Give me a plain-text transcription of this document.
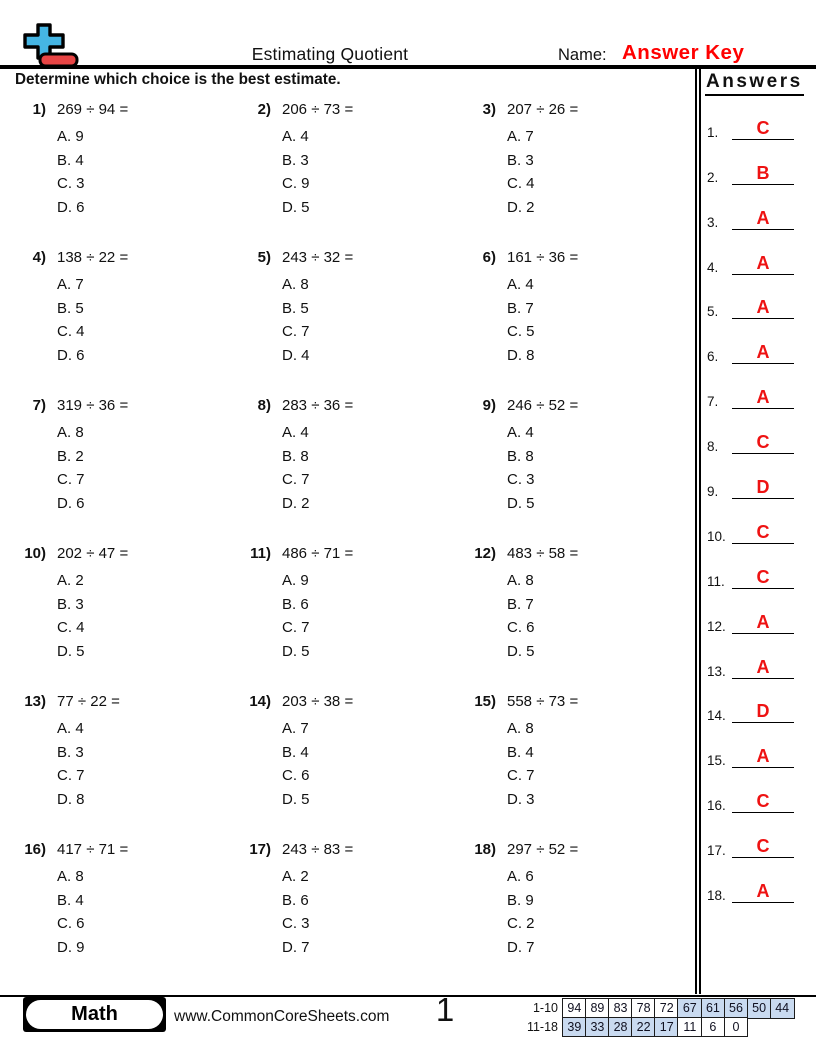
Estimating Quotient	Name: Answer Key
Determine which choice is the best estimate.	Answers
1.	C
2.	B
3.	A
4.	A
5.	A
6.	A
7.	A
8.	C
9.	D
10.	C
11.	C
12.	A
13.	A
14.	D
15.	A
16.	C
17.	C
18.	A
1) 269 ÷ 94 =
A. 9
B. 4
C. 3
D. 6
2) 206 ÷ 73 =
A. 4
B. 3
C. 9
D. 5
3) 207 ÷ 26 =
A. 7
B. 3
C. 4
D. 2
4) 138 ÷ 22 =
A. 7
B. 5
C. 4
D. 6
5) 243 ÷ 32 =
A. 8
B. 5
C. 7
D. 4
6) 161 ÷ 36 =
A. 4
B. 7
C. 5
D. 8
7) 319 ÷ 36 =
A. 8
B. 2
C. 7
D. 6
8) 283 ÷ 36 =
A. 4
B. 8
C. 7
D. 2
9) 246 ÷ 52 =
A. 4
B. 8
C. 3
D. 5
10) 202 ÷ 47 =
A. 2
B. 3
C. 4
D. 5
11) 486 ÷ 71 =
A. 9
B. 6
C. 7
D. 5
12) 483 ÷ 58 =
A. 8
B. 7
C. 6
D. 5
13) 77 ÷ 22 =
A. 4
B. 3
C. 7
D. 8
14) 203 ÷ 38 =
A. 7
B. 4
C. 6
D. 5
15) 558 ÷ 73 =
A. 8
B. 4
C. 7
D. 3
16) 417 ÷ 71 =
A. 8
B. 4
C. 6
D. 9
17) 243 ÷ 83 =
A. 2
B. 6
C. 3
D. 7
18) 297 ÷ 52 =
A. 6
B. 9
C. 2
D. 7
Math	www.CommonCoreSheets.com	1	1-10 94 89 83 78 72 67 61 56 50 44
11-18 39 33 28 22 17 11	6	0
